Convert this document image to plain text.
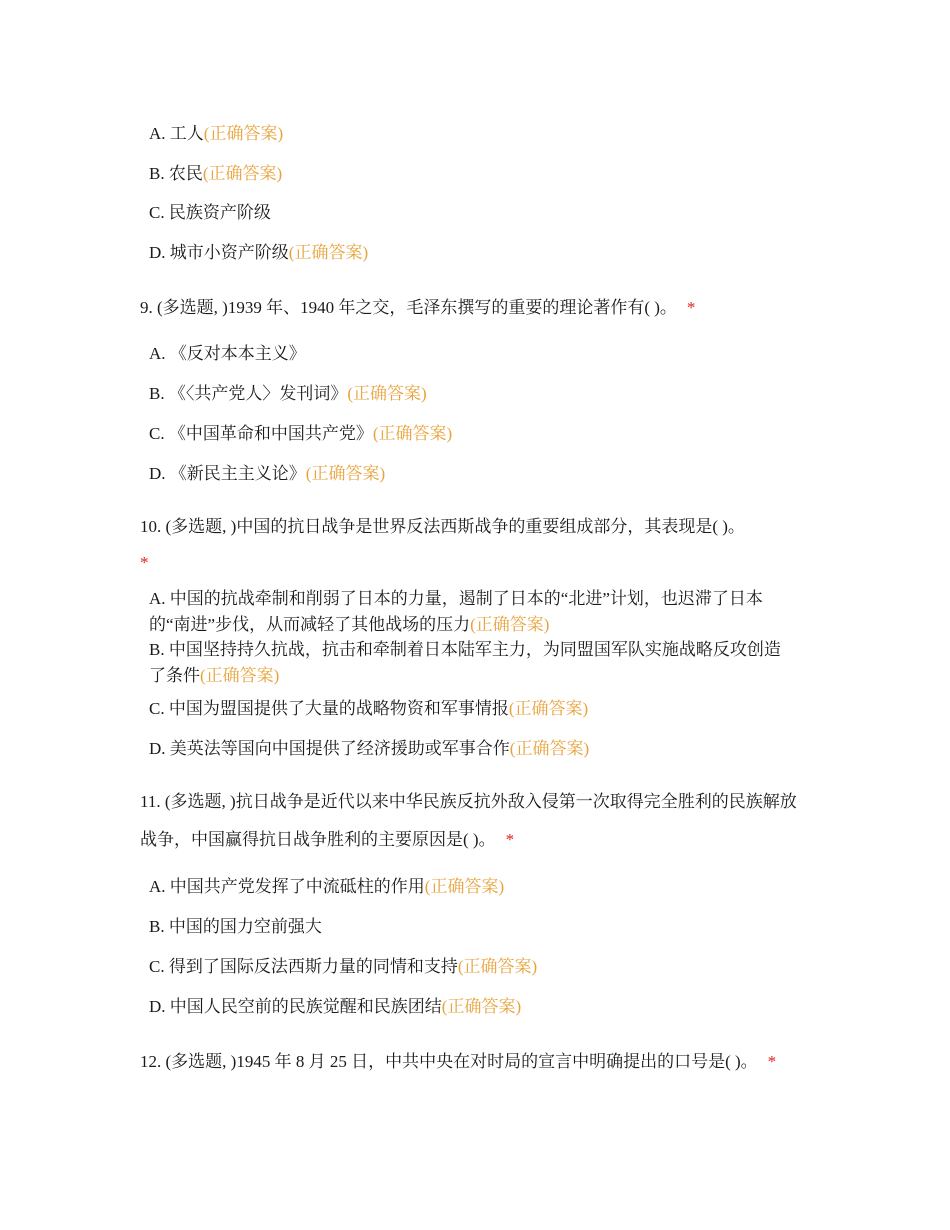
A. 工人(正确答案)
B. 农民(正确答案)
C. 民族资产阶级
D. 城市小资产阶级(正确答案)
9. (多选题, )1939 年、1940 年之交，毛泽东撰写的重要的理论著作有( )。 *
A. 《反对本本主义》
B. 《〈共产党人〉发刊词》(正确答案)
C. 《中国革命和中国共产党》(正确答案)
D. 《新民主主义论》(正确答案)
10. (多选题, )中国的抗日战争是世界反法西斯战争的重要组成部分，其表现是( )。
*
A. 中国的抗战牵制和削弱了日本的力量，遏制了日本的“北进”计划，也迟滞了日本的“南进”步伐，从而减轻了其他战场的压力(正确答案)
B. 中国坚持持久抗战，抗击和牵制着日本陆军主力，为同盟国军队实施战略反攻创造了条件(正确答案)
C. 中国为盟国提供了大量的战略物资和军事情报(正确答案)
D. 美英法等国向中国提供了经济援助或军事合作(正确答案)
11. (多选题, )抗日战争是近代以来中华民族反抗外敌入侵第一次取得完全胜利的民族解放战争，中国赢得抗日战争胜利的主要原因是( )。 *
A. 中国共产党发挥了中流砥柱的作用(正确答案)
B. 中国的国力空前强大
C. 得到了国际反法西斯力量的同情和支持(正确答案)
D. 中国人民空前的民族觉醒和民族团结(正确答案)
12. (多选题, )1945 年 8 月 25 日，中共中央在对时局的宣言中明确提出的口号是( )。 *
